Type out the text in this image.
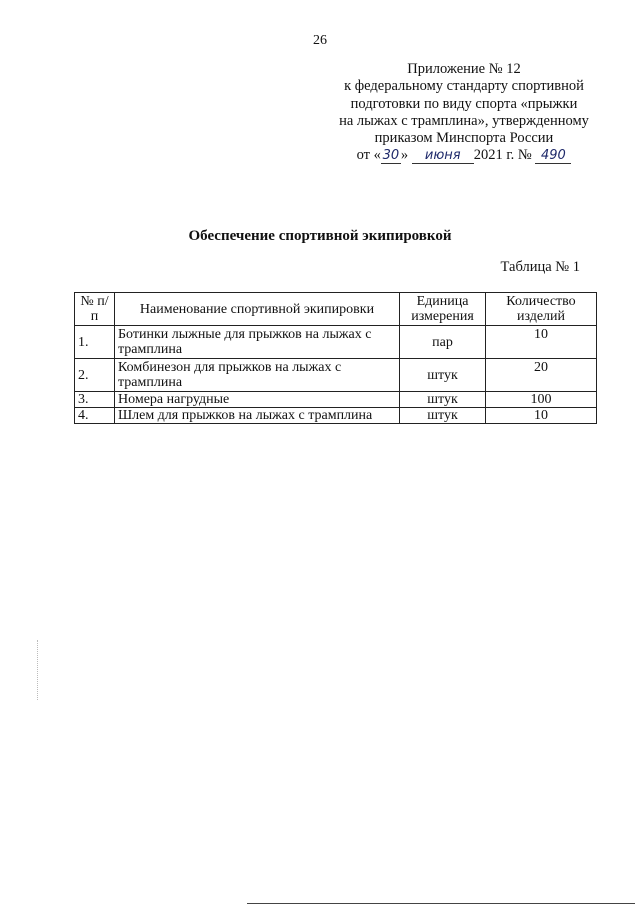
26
Приложение № 12
к федеральному стандарту спортивной
подготовки по виду спорта «прыжки
на лыжах с трамплина», утвержденному
приказом Минспорта России
от « 30 » июня 2021 г. № 490
Обеспечение спортивной экипировкой
Таблица № 1
№ п/п	Наименование спортивной экипировки	Единица измерения	Количество изделий
1.	Ботинки лыжные для прыжков на лыжах с трамплина	пар	10
2.	Комбинезон для прыжков на лыжах с трамплина	штук	20
3.	Номера нагрудные	штук	100
4.	Шлем для прыжков на лыжах с трамплина	штук	10
